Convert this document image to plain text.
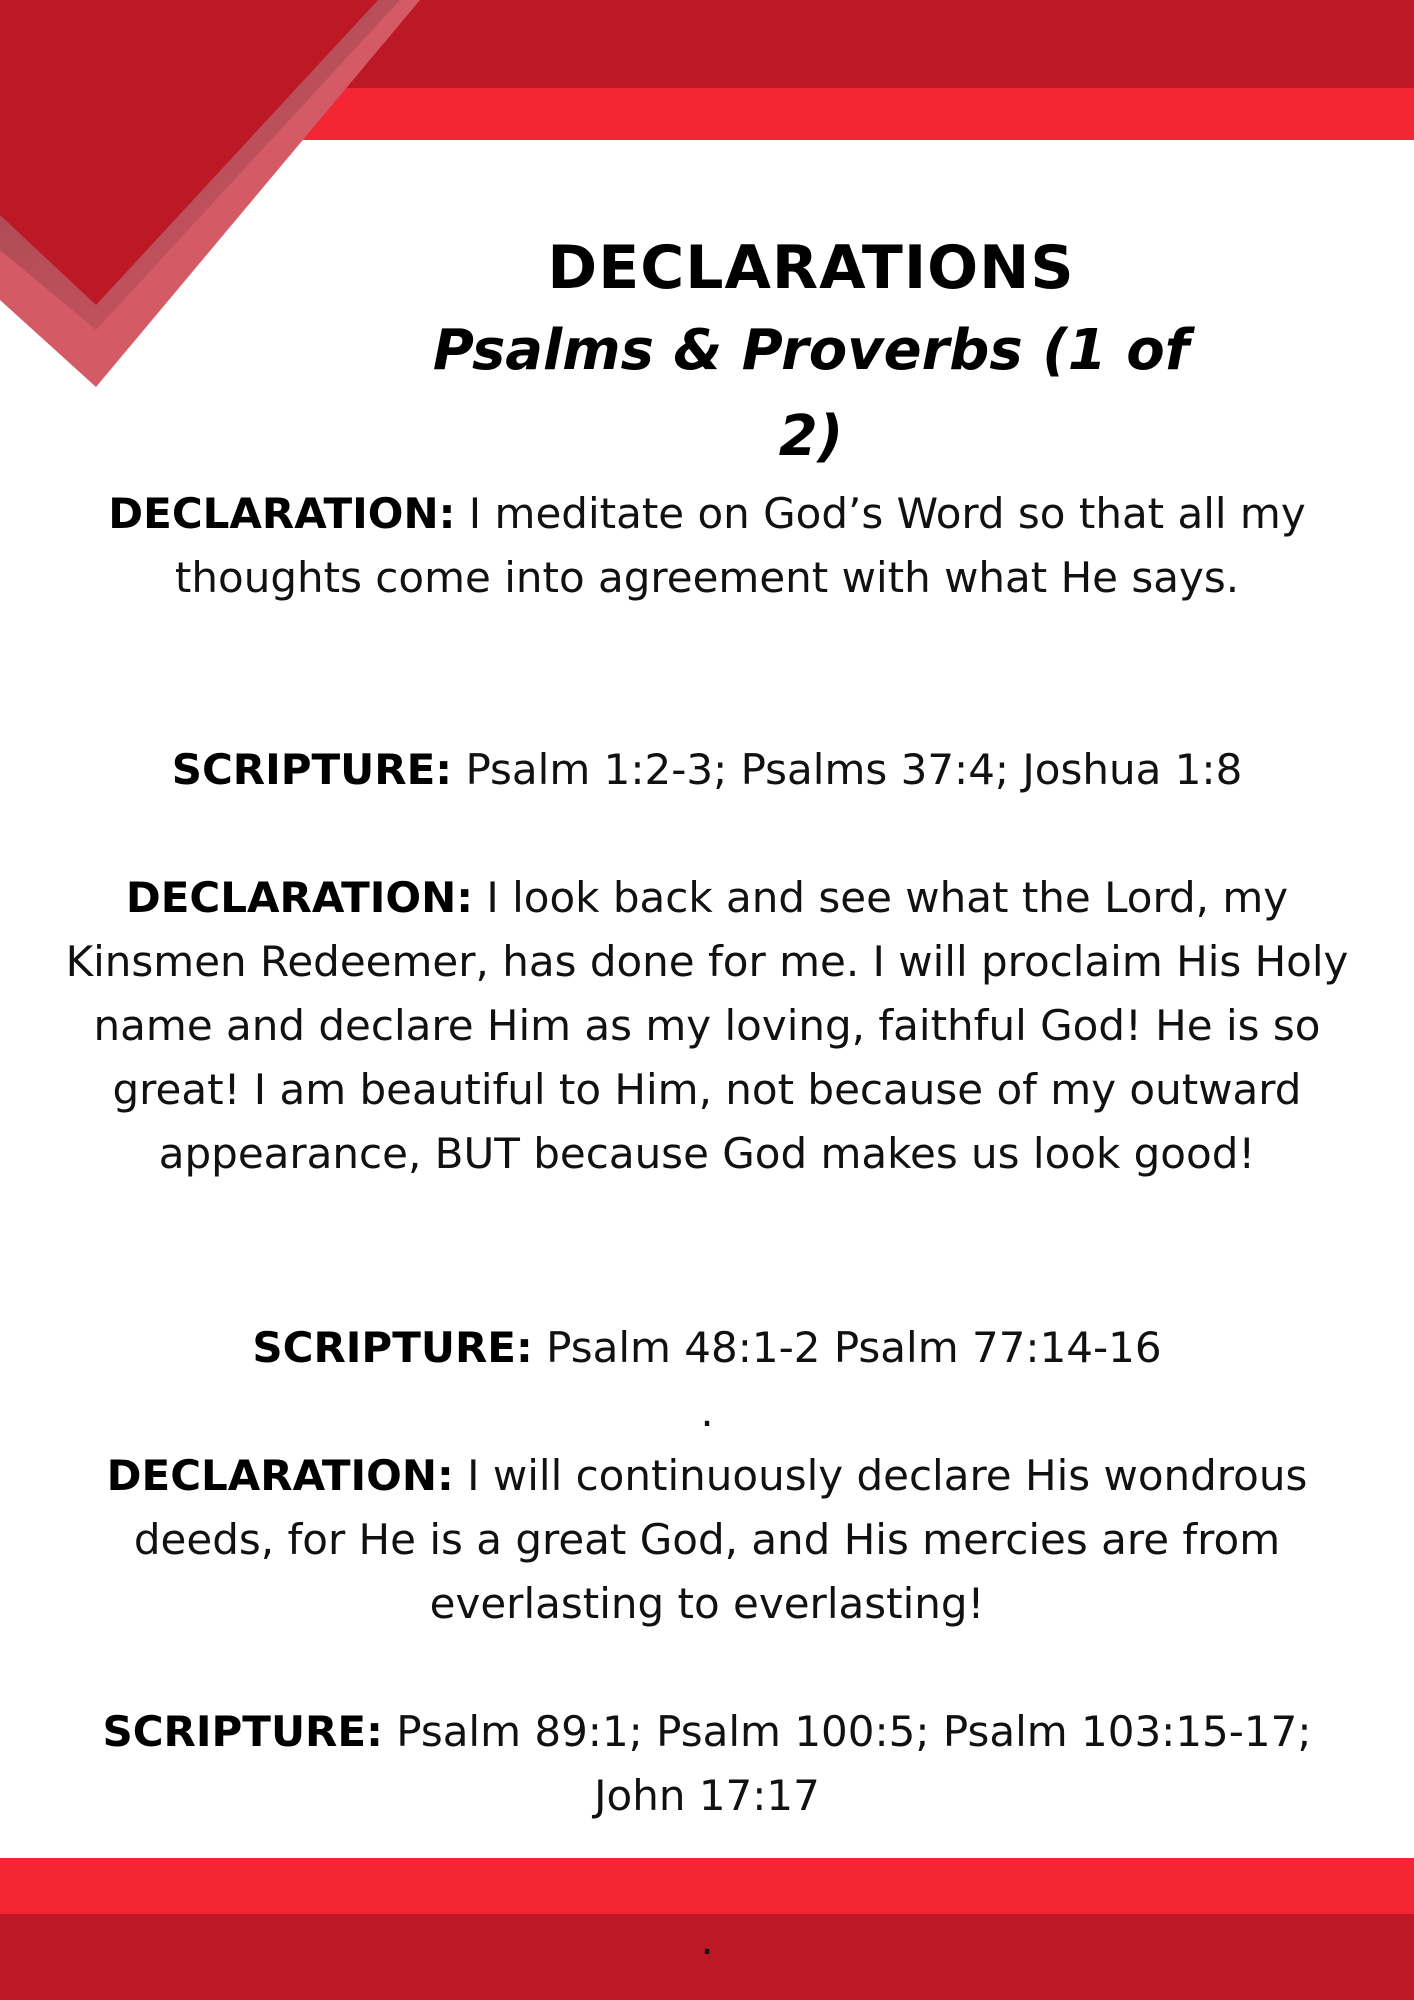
DECLARATIONS
Psalms & Proverbs (1 of 2)
DECLARATION: I meditate on God’s Word so that all my thoughts come into agreement with what He says.
SCRIPTURE: Psalm 1:2-3; Psalms 37:4; Joshua 1:8
DECLARATION: I look back and see what the Lord, my Kinsmen Redeemer, has done for me. I will proclaim His Holy name and declare Him as my loving, faithful God! He is so great! I am beautiful to Him, not because of my outward appearance, BUT because God makes us look good!
SCRIPTURE: Psalm 48:1-2 Psalm 77:14-16
.
DECLARATION: I will continuously declare His wondrous deeds, for He is a great God, and His mercies are from everlasting to everlasting!
SCRIPTURE: Psalm 89:1; Psalm 100:5; Psalm 103:15-17; John 17:17
.
